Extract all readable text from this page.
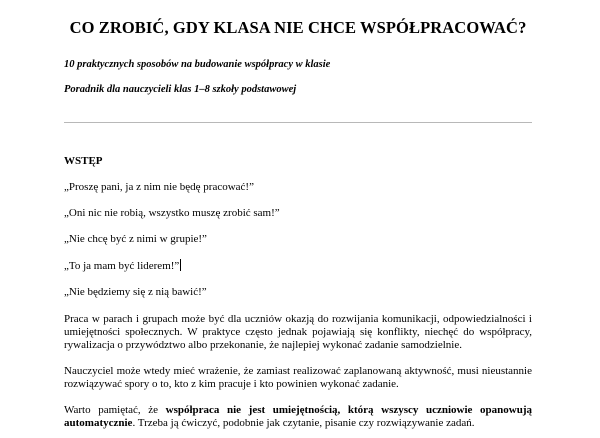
CO ZROBIĆ, GDY KLASA NIE CHCE WSPÓŁPRACOWAĆ?

10 praktycznych sposobów na budowanie współpracy w klasie

Poradnik dla nauczycieli klas 1–8 szkoły podstawowej

WSTĘP

„Proszę pani, ja z nim nie będę pracować!”

„Oni nic nie robią, wszystko muszę zrobić sam!”

„Nie chcę być z nimi w grupie!”

„To ja mam być liderem!”

„Nie będziemy się z nią bawić!”

Praca w parach i grupach może być dla uczniów okazją do rozwijania komunikacji, odpowiedzialności i umiejętności społecznych. W praktyce często jednak pojawiają się konflikty, niechęć do współpracy, rywalizacja o przywództwo albo przekonanie, że najlepiej wykonać zadanie samodzielnie.

Nauczyciel może wtedy mieć wrażenie, że zamiast realizować zaplanowaną aktywność, musi nieustannie rozwiązywać spory o to, kto z kim pracuje i kto powinien wykonać zadanie.

Warto pamiętać, że współpraca nie jest umiejętnością, którą wszyscy uczniowie opanowują automatycznie. Trzeba ją ćwiczyć, podobnie jak czytanie, pisanie czy rozwiązywanie zadań.
